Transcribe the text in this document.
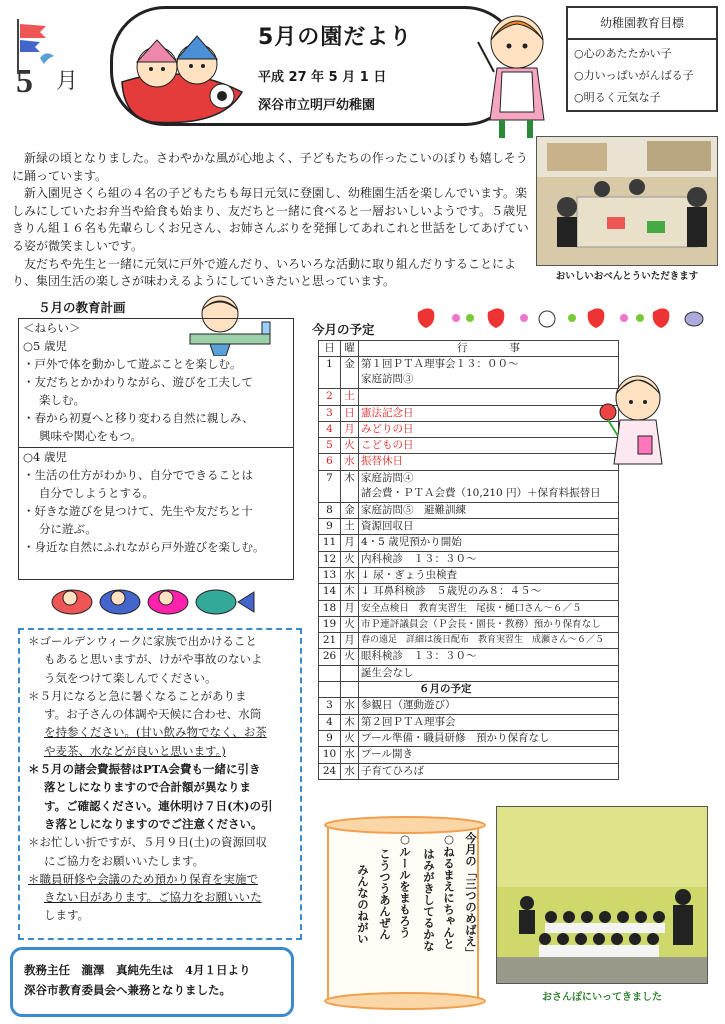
5 月
5月の園だより
平成 27 年 5 月 1 日
深谷市立明戸幼稚園
幼稚園教育目標
○心のあたたかい子
○力いっぱいがんばる子
○明るく元気な子

新緑の頃となりました。さわやかな風が心地よく、子どもたちの作ったこいのぼりも嬉しそうに踊っています。

新入園児さくら組の４名の子どもたちも毎日元気に登園し、幼稚園生活を楽しんでいます。楽しみにしていたお弁当や給食も始まり、友だちと一緒に食べると一層おいしいようです。５歳児きりん組１６名も先輩らしくお兄さん、お姉さんぶりを発揮してあれこれと世話をしてあげている姿が微笑ましいです。

友だちや先生と一緒に元気に戸外で遊んだり、いろいろな活動に取り組んだりすることにより、集団生活の楽しさが味わえるようにしていきたいと思っています。	おいしいおべんとういただきます
５月の教育計画
＜ねらい＞
○5 歳児
・戸外で体を動かして遊ぶことを楽しむ。
・友だちとかかわりながら、遊びを工夫して
楽しむ。
・春から初夏へと移り変わる自然に親しみ、
興味や関心をもつ。
○4 歳児
・生活の仕方がわかり、自分でできることは
自分でしようとする。
・好きな遊びを見つけて、先生や友だちと十
分に遊ぶ。
・身近な自然にふれながら戸外遊びを楽しむ。
＊ゴールデンウィークに家族で出かけること
もあると思いますが、けがや事故のないよ
う気をつけて楽しんでください。
＊５月になると急に暑くなることがありま
す。お子さんの体調や天候に合わせ、水筒
を持参ください。(甘い飲み物でなく、お茶
や麦茶、水などが良いと思います。)
＊５月の諸会費振替はPTA会費も一緒に引き
落としになりますので合計額が異なりま
す。ご確認ください。連休明け７日(木)の引
き落としになりますのでご注意ください。
＊お忙しい折ですが、５月９日(土)の資源回収
にご協力をお願いいたします。
＊職員研修や会議のため預かり保育を実施で
きない日があります。ご協力をお願いいた
します。
教務主任　瀧澤　真純先生は　4月１日より
深谷市教育委員会へ兼務となりました。
今月の予定
日	曜	行　　　　事
1	金	第１回ＰＴＡ理事会１３：００〜
家庭訪問③

2	土	
3	日	憲法記念日
4	月	みどりの日
5	火	こどもの日
6	水	振替休日
7	木	家庭訪問④
諸会費・ＰＴＡ会費（10,210 円）＋保育料振替日

8	金	家庭訪問⑤　避難訓練
9	土	資源回収日
11	月	4・5 歳児預かり開始
12	火	内科検診　１３：３０〜
13	水	↓ 尿・ぎょう虫検査
14	木	↓ 耳鼻科検診　５歳児のみ８：４５〜
18	月	安全点検日　教育実習生　尾抜・樋口さん〜６／５
19	火	市Ｐ連評議員会（Ｐ会長・園長・教務）預かり保育なし
21	月	春の遠足　詳細は後日配布　教育実習生　成瀬さん〜６／５
26	火	眼科検診　１３：３０〜
		誕生会なし
		６月の予定
3	水	参観日（運動遊び）
4	木	第２回ＰＴＡ理事会
9	火	プール準備・職員研修　預かり保育なし
10	水	プール開き
24	水	子育てひろば
今月の「三つのめばえ」
○ねるまえにちゃんと
はみがきしてるかな
○ルールをまもろう
こうつうあんぜん
みんなのねがい
おさんぽにいってきました
